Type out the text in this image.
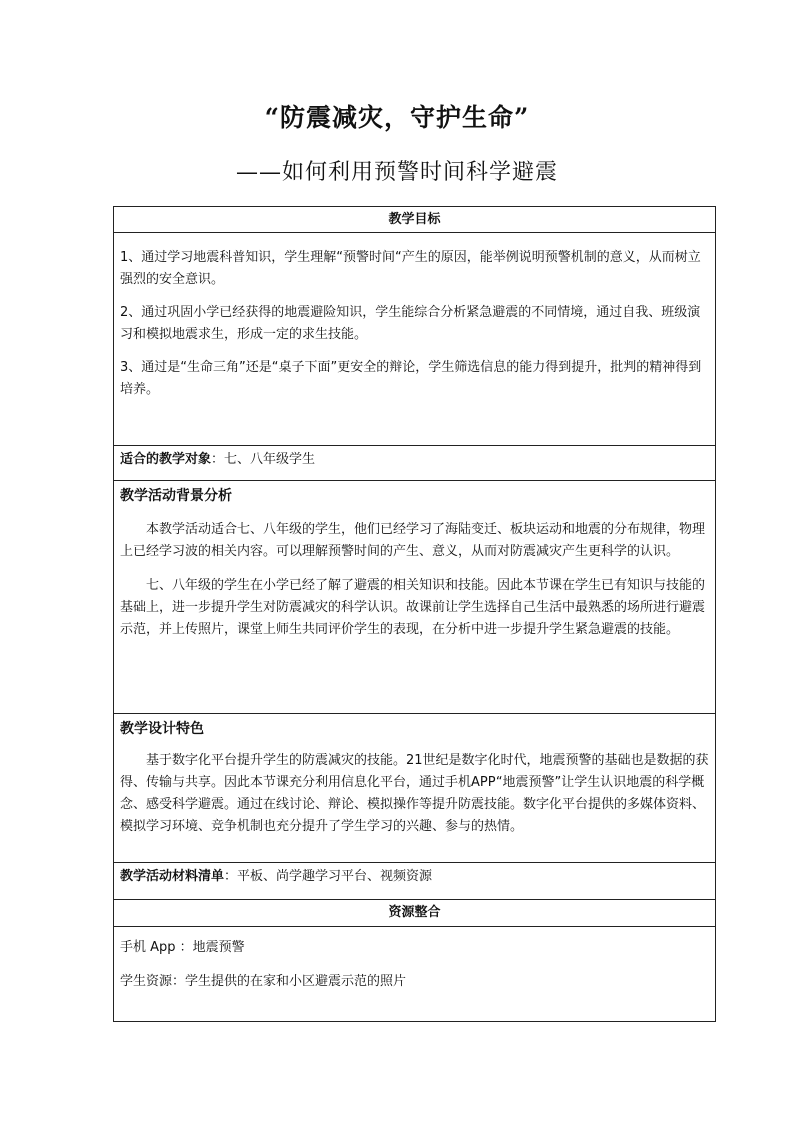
“防震减灾，守护生命”
——如何利用预警时间科学避震
教学目标

1、通过学习地震科普知识，学生理解“预警时间“产生的原因，能举例说明预警机制的意义，从而树立强烈的安全意识。

2、通过巩固小学已经获得的地震避险知识，学生能综合分析紧急避震的不同情境，通过自我、班级演习和模拟地震求生，形成一定的求生技能。

3、通过是“生命三角”还是“桌子下面”更安全的辩论，学生筛选信息的能力得到提升，批判的精神得到培养。

适合的教学对象：七、八年级学生

教学活动背景分析

本教学活动适合七、八年级的学生，他们已经学习了海陆变迁、板块运动和地震的分布规律，物理上已经学习波的相关内容。可以理解预警时间的产生、意义，从而对防震减灾产生更科学的认识。

七、八年级的学生在小学已经了解了避震的相关知识和技能。因此本节课在学生已有知识与技能的基础上，进一步提升学生对防震减灾的科学认识。故课前让学生选择自己生活中最熟悉的场所进行避震示范，并上传照片，课堂上师生共同评价学生的表现，在分析中进一步提升学生紧急避震的技能。

教学设计特色

基于数字化平台提升学生的防震减灾的技能。21世纪是数字化时代，地震预警的基础也是数据的获得、传输与共享。因此本节课充分利用信息化平台，通过手机APP“地震预警”让学生认识地震的科学概念、感受科学避震。通过在线讨论、辩论、模拟操作等提升防震技能。数字化平台提供的多媒体资料、模拟学习环境、竞争机制也充分提升了学生学习的兴趣、参与的热情。

教学活动材料清单：平板、尚学趣学习平台、视频资源
资源整合

手机 App ：地震预警

学生资源：学生提供的在家和小区避震示范的照片
